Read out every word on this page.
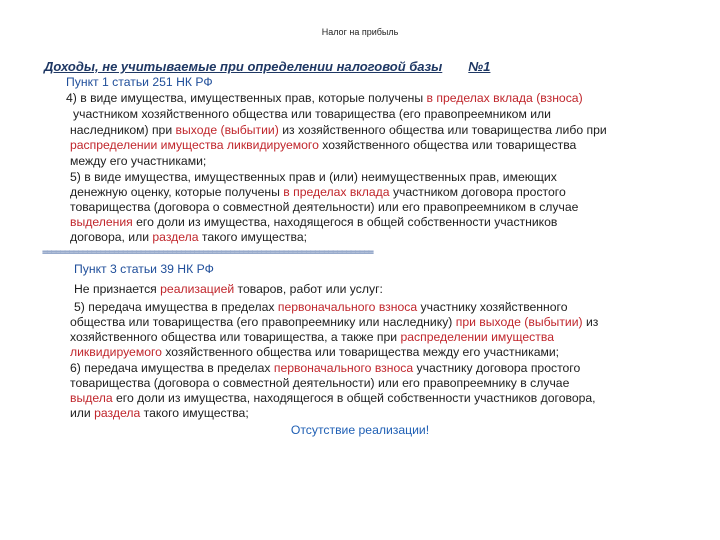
Налог на прибыль
Доходы, не учитываемые при определении налоговой базы №1
Пункт 1 статьи 251 НК РФ
4) в виде имущества, имущественных прав, которые получены в пределах вклада (взноса)
участником хозяйственного общества или товарищества (его правопреемником или
наследником) при выходе (выбытии) из хозяйственного общества или товарищества либо при
распределении имущества ликвидируемого хозяйственного общества или товарищества
между его участниками;
5) в виде имущества, имущественных прав и (или) неимущественных прав, имеющих
денежную оценку, которые получены в пределах вклада участником договора простого
товарищества (договора о совместной деятельности) или его правопреемником в случае
выделения его доли из имущества, находящегося в общей собственности участников
договора, или раздела такого имущества;
==========================================================================
Пункт 3 статьи 39 НК РФ
Не признается реализацией товаров, работ или услуг:
5) передача имущества в пределах первоначального взноса участнику хозяйственного
общества или товарищества (его правопреемнику или наследнику) при выходе (выбытии) из
хозяйственного общества или товарищества, а также при распределении имущества
ликвидируемого хозяйственного общества или товарищества между его участниками;
6) передача имущества в пределах первоначального взноса участнику договора простого
товарищества (договора о совместной деятельности) или его правопреемнику в случае
выдела его доли из имущества, находящегося в общей собственности участников договора,
или раздела такого имущества;
Отсутствие реализации!
